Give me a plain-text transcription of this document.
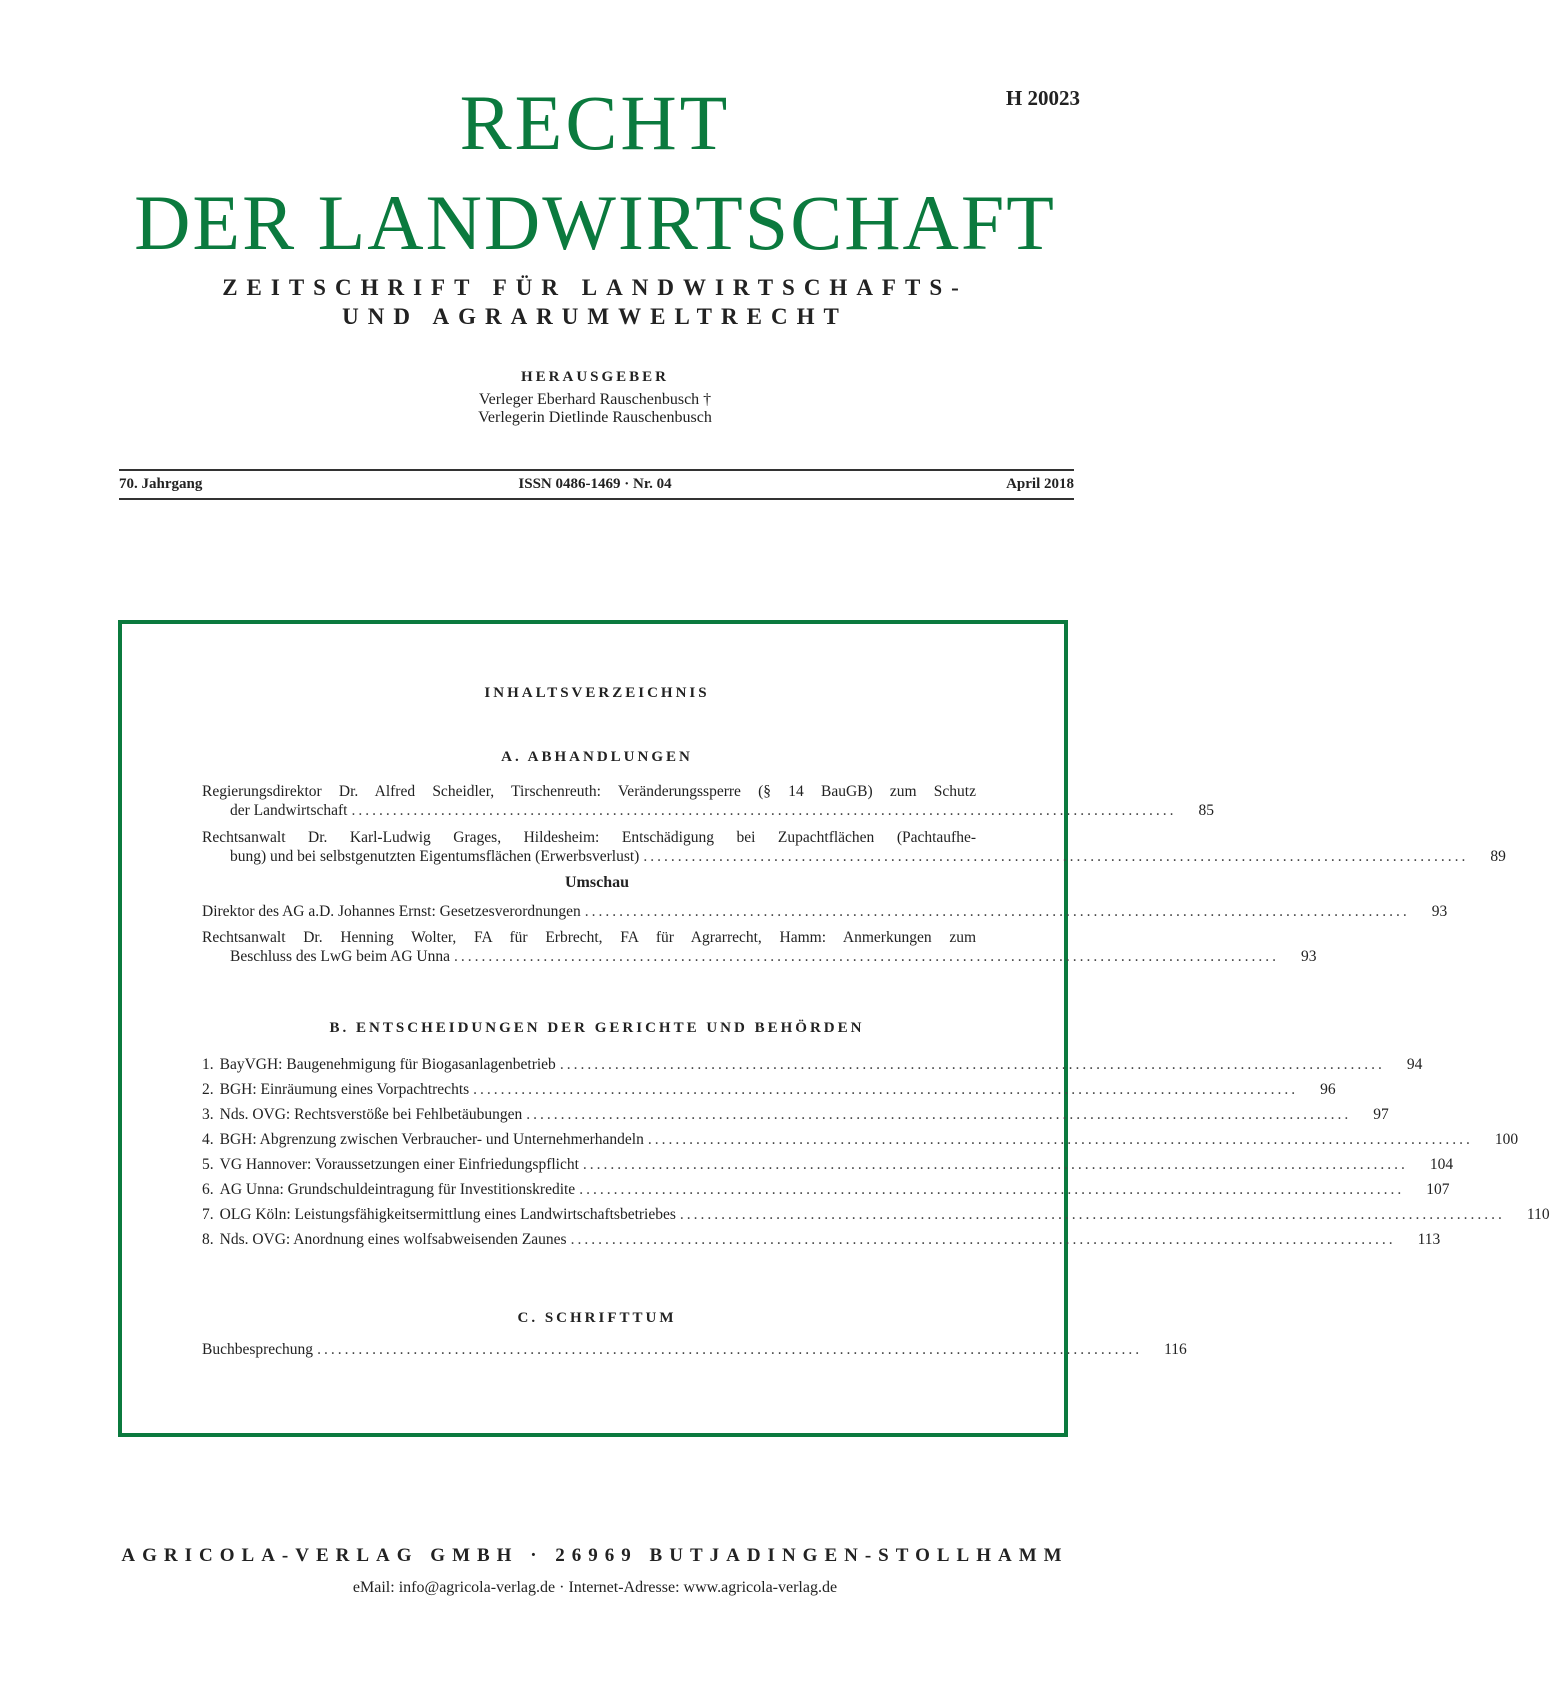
H 20023
RECHT
DER LANDWIRTSCHAFT
ZEITSCHRIFT FÜR LANDWIRTSCHAFTS-
UND AGRARUMWELTRECHT
HERAUSGEBER
Verleger Eberhard Rauschenbusch †
Verlegerin Dietlinde Rauschenbusch
70. Jahrgang	ISSN 0486-1469 · Nr. 04	April 2018
INHALTSVERZEICHNIS
A. ABHANDLUNGEN
Regierungsdirektor Dr. Alfred Scheidler, Tirschenreuth: Veränderungssperre (§ 14 BauGB) zum Schutz
der Landwirtschaft ........................................................................................................................ 85
Rechtsanwalt Dr. Karl-Ludwig Grages, Hildesheim: Entschädigung bei Zupachtflächen (Pachtaufhe-
bung) und bei selbstgenutzten Eigentumsflächen (Erwerbsverlust) ........................................................................................................................ 89
Umschau
Direktor des AG a.D. Johannes Ernst: Gesetzesverordnungen ........................................................................................................................ 93
Rechtsanwalt Dr. Henning Wolter, FA für Erbrecht, FA für Agrarrecht, Hamm: Anmerkungen zum
Beschluss des LwG beim AG Unna ........................................................................................................................ 93
B. ENTSCHEIDUNGEN DER GERICHTE UND BEHÖRDEN
1. BayVGH: Baugenehmigung für Biogasanlagenbetrieb ........................................................................................................................ 94
2. BGH: Einräumung eines Vorpachtrechts ........................................................................................................................ 96
3. Nds. OVG: Rechtsverstöße bei Fehlbetäubungen ........................................................................................................................ 97
4. BGH: Abgrenzung zwischen Verbraucher- und Unternehmerhandeln ........................................................................................................................ 100
5. VG Hannover: Voraussetzungen einer Einfriedungspflicht ........................................................................................................................ 104
6. AG Unna: Grundschuldeintragung für Investitionskredite ........................................................................................................................ 107
7. OLG Köln: Leistungsfähigkeitsermittlung eines Landwirtschaftsbetriebes ........................................................................................................................ 110
8. Nds. OVG: Anordnung eines wolfsabweisenden Zaunes ........................................................................................................................ 113
C. SCHRIFTTUM
Buchbesprechung ........................................................................................................................ 116
AGRICOLA-VERLAG GMBH · 26969 BUTJADINGEN-STOLLHAMM
eMail: info@agricola-verlag.de · Internet-Adresse: www.agricola-verlag.de
